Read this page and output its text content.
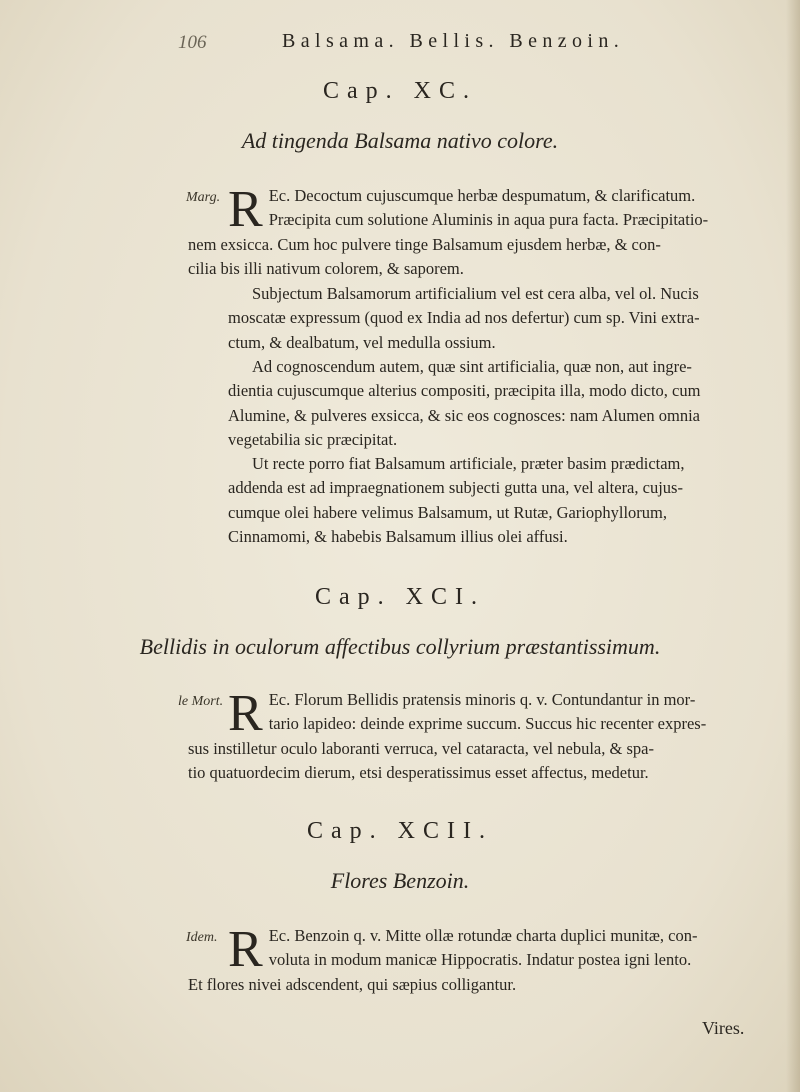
106	Balsama. Bellis. Benzoin.
Cap. XC.
Ad tingenda Balsama nativo colore.
Marg. R Ec. Decoctum cujuscumque herbæ despumatum, & clarificatum.
Præcipita cum solutione Aluminis in aqua pura facta. Præcipitatio-
nem exsicca. Cum hoc pulvere tinge Balsamum ejusdem herbæ, & con-
cilia bis illi nativum colorem, & saporem.
Subjectum Balsamorum artificialium vel est cera alba, vel ol. Nucis
moscatæ expressum (quod ex India ad nos defertur) cum sp. Vini extra-
ctum, & dealbatum, vel medulla ossium.
Ad cognoscendum autem, quæ sint artificialia, quæ non, aut ingre-
dientia cujuscumque alterius compositi, præcipita illa, modo dicto, cum
Alumine, & pulveres exsicca, & sic eos cognosces: nam Alumen omnia
vegetabilia sic præcipitat.
Ut recte porro fiat Balsamum artificiale, præter basim prædictam,
addenda est ad impraegnationem subjecti gutta una, vel altera, cujus-
cumque olei habere velimus Balsamum, ut Rutæ, Gariophyllorum,
Cinnamomi, & habebis Balsamum illius olei affusi.
Cap. XCI.
Bellidis in oculorum affectibus collyrium præstantissimum.
le Mort. R Ec. Florum Bellidis pratensis minoris q. v. Contundantur in mor-
tario lapideo: deinde exprime succum. Succus hic recenter expres-
sus instilletur oculo laboranti verruca, vel cataracta, vel nebula, & spa-
tio quatuordecim dierum, etsi desperatissimus esset affectus, medetur.
Cap. XCII.
Flores Benzoin.
Idem. R Ec. Benzoin q. v. Mitte ollæ rotundæ charta duplici munitæ, con-
voluta in modum manicæ Hippocratis. Indatur postea igni lento.
Et flores nivei adscendent, qui sæpius colligantur.
Vires.
